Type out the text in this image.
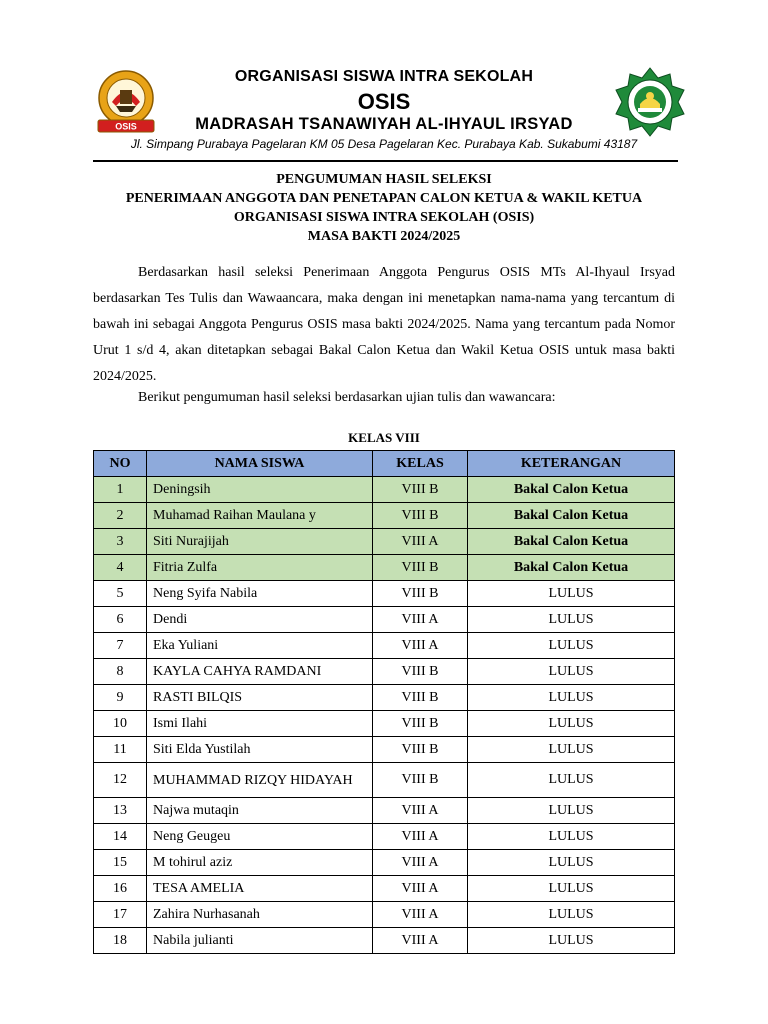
OSIS
ORGANISASI SISWA INTRA SEKOLAH
OSIS
MADRASAH TSANAWIYAH AL-IHYAUL IRSYAD
Jl. Simpang Purabaya Pagelaran KM 05 Desa Pagelaran Kec. Purabaya Kab. Sukabumi 43187
PENGUMUMAN HASIL SELEKSI
PENERIMAAN ANGGOTA DAN PENETAPAN CALON KETUA & WAKIL KETUA
ORGANISASI SISWA INTRA SEKOLAH (OSIS)
MASA BAKTI 2024/2025
Berdasarkan hasil seleksi Penerimaan Anggota Pengurus OSIS MTs Al-Ihyaul Irsyad berdasarkan Tes Tulis dan Wawaancara, maka dengan ini menetapkan nama-nama yang tercantum di bawah ini sebagai Anggota Pengurus OSIS masa bakti 2024/2025. Nama yang tercantum pada Nomor Urut 1 s/d 4, akan ditetapkan sebagai Bakal Calon Ketua dan Wakil Ketua OSIS untuk masa bakti 2024/2025.
Berikut pengumuman hasil seleksi berdasarkan ujian tulis dan wawancara:
KELAS VIII
NO	NAMA SISWA	KELAS	KETERANGAN
1	Deningsih	VIII B	Bakal Calon Ketua
2	Muhamad Raihan Maulana y	VIII B	Bakal Calon Ketua
3	Siti Nurajijah	VIII A	Bakal Calon Ketua
4	Fitria Zulfa	VIII B	Bakal Calon Ketua
5	Neng Syifa Nabila	VIII B	LULUS
6	Dendi	VIII A	LULUS
7	Eka Yuliani	VIII A	LULUS
8	KAYLA CAHYA RAMDANI	VIII B	LULUS
9	RASTI BILQIS	VIII B	LULUS
10	Ismi Ilahi	VIII B	LULUS
11	Siti Elda Yustilah	VIII B	LULUS
12	MUHAMMAD RIZQY HIDAYAH	VIII B	LULUS
13	Najwa mutaqin	VIII A	LULUS
14	Neng Geugeu	VIII A	LULUS
15	M tohirul aziz	VIII A	LULUS
16	TESA AMELIA	VIII A	LULUS
17	Zahira Nurhasanah	VIII A	LULUS
18	Nabila julianti	VIII A	LULUS
